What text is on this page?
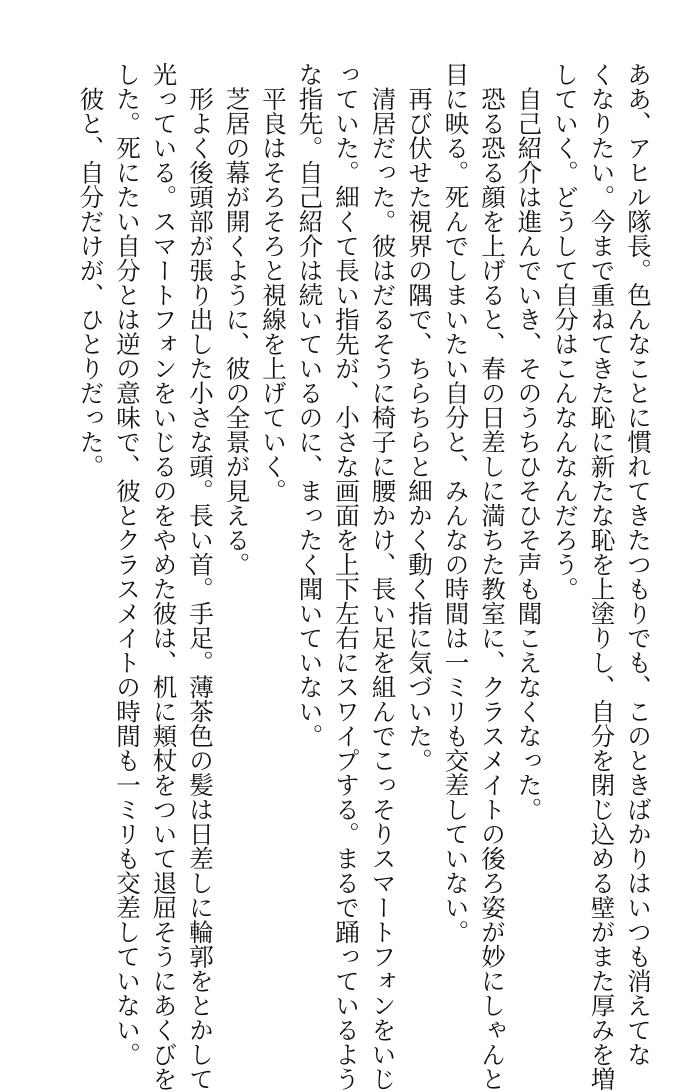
ああ、アヒル隊長。色んなことに慣れてきたつもりでも、このときばかりはいつも消えてな
くなりたい。今まで重ねてきた恥に新たな恥を上塗りし、自分を閉じ込める壁がまた厚みを増
していく。どうして自分はこんなんなんだろう。
　自己紹介は進んでいき、そのうちひそひそ声も聞こえなくなった。
　恐る恐る顔を上げると、春の日差しに満ちた教室に、クラスメイトの後ろ姿が妙にしゃんと
目に映る。死んでしまいたい自分と、みんなの時間は一ミリも交差していない。
　再び伏せた視界の隅で、ちらちらと細かく動く指に気づいた。
　清居だった。彼はだるそうに椅子に腰かけ、長い足を組んでこっそりスマートフォンをいじ
っていた。細くて長い指先が、小さな画面を上下左右にスワイプする。まるで踊っているよう
な指先。自己紹介は続いているのに、まったく聞いていない。
　平良はそろそろと視線を上げていく。
　芝居の幕が開くように、彼の全景が見える。
　形よく後頭部が張り出した小さな頭。長い首。手足。薄茶色の髪は日差しに輪郭をとかして
光っている。スマートフォンをいじるのをやめた彼は、机に頬杖をついて退屈そうにあくびを
した。死にたい自分とは逆の意味で、彼とクラスメイトの時間も一ミリも交差していない。
　彼と、自分だけが、ひとりだった。
